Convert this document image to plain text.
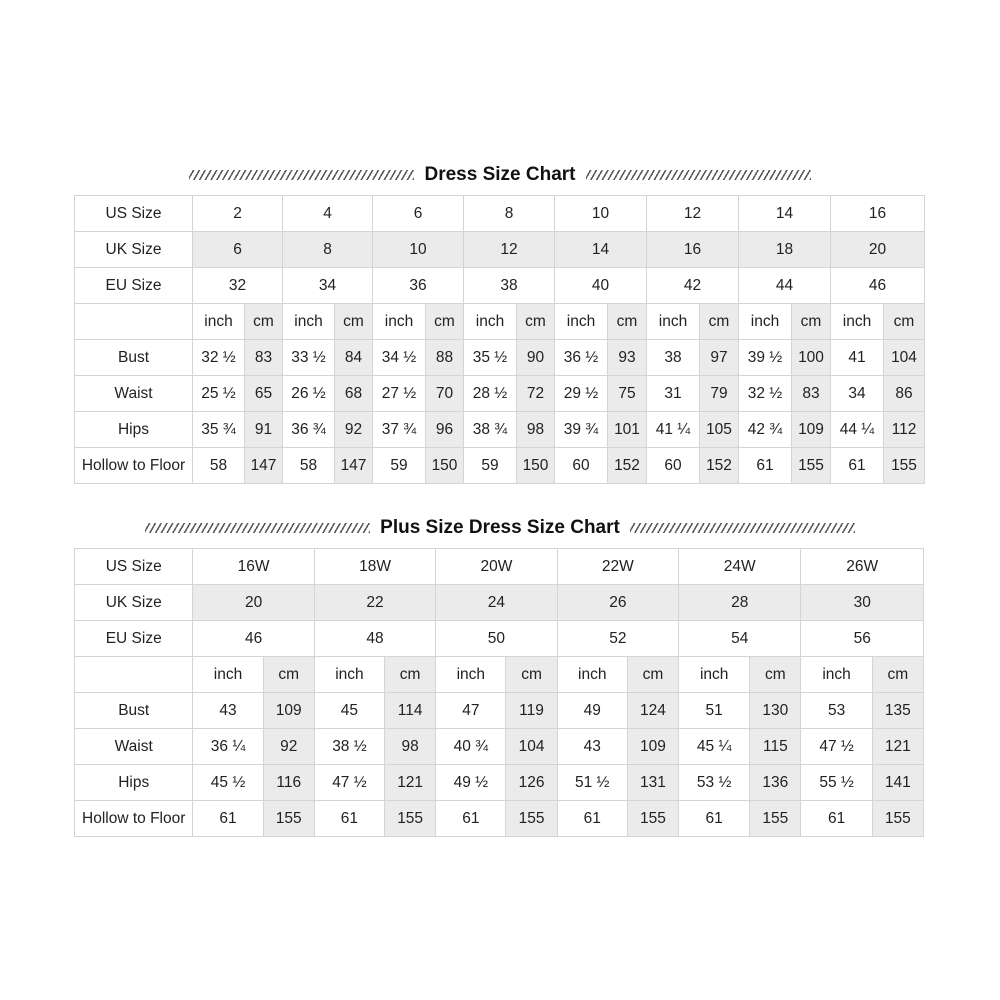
Dress Size Chart
US Size	2		4		6		8		10		12		14		16	
UK Size	6		8		10		12		14		16		18		20	
EU Size	32		34		36		38		40		42		44		46	
	inch	cm	inch	cm	inch	cm	inch	cm	inch	cm	inch	cm	inch	cm	inch	cm
Bust	32 ½	83	33 ½	84	34 ½	88	35 ½	90	36 ½	93	38	97	39 ½	100	41	104
Waist	25 ½	65	26 ½	68	27 ½	70	28 ½	72	29 ½	75	31	79	32 ½	83	34	86
Hips	35 ¾	91	36 ¾	92	37 ¾	96	38 ¾	98	39 ¾	101	41 ¼	105	42 ¾	109	44 ¼	112
Hollow to Floor	58	147	58	147	59	150	59	150	60	152	60	152	61	155	61	155
Plus Size Dress Size Chart
US Size	16W		18W		20W		22W		24W		26W	
UK Size	20		22		24		26		28		30	
EU Size	46		48		50		52		54		56	
	inch	cm	inch	cm	inch	cm	inch	cm	inch	cm	inch	cm
Bust	43	109	45	114	47	119	49	124	51	130	53	135
Waist	36 ¼	92	38 ½	98	40 ¾	104	43	109	45 ¼	115	47 ½	121
Hips	45 ½	116	47 ½	121	49 ½	126	51 ½	131	53 ½	136	55 ½	141
Hollow to Floor	61	155	61	155	61	155	61	155	61	155	61	155
